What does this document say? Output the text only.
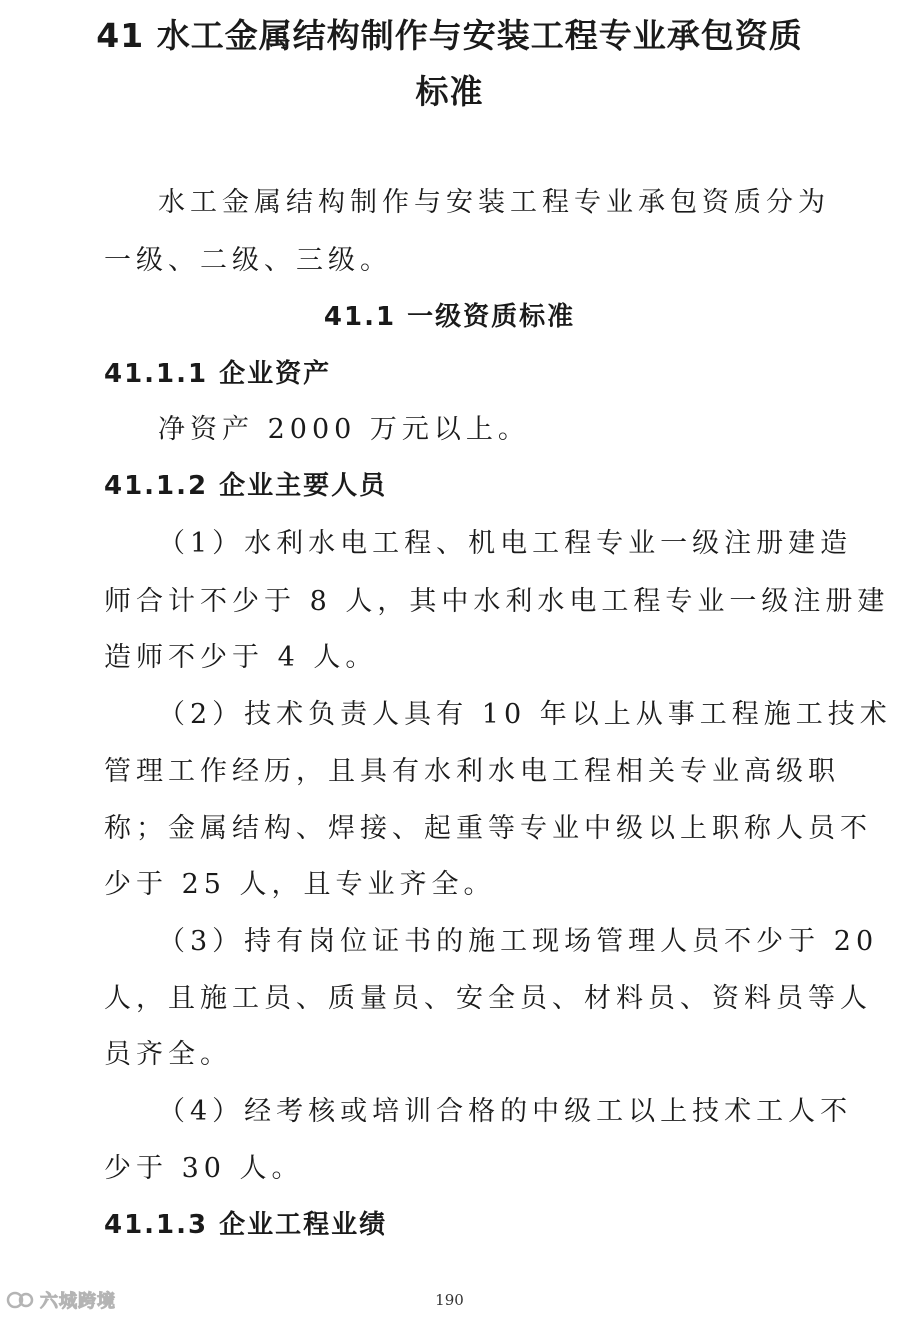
41 水工金属结构制作与安装工程专业承包资质
标准
水工金属结构制作与安装工程专业承包资质分为
一级、二级、三级。
41.1 一级资质标准
41.1.1 企业资产
净资产 2000 万元以上。
41.1.2 企业主要人员
（1）水利水电工程、机电工程专业一级注册建造
师合计不少于 8 人，其中水利水电工程专业一级注册建
造师不少于 4 人。
（2）技术负责人具有 10 年以上从事工程施工技术
管理工作经历，且具有水利水电工程相关专业高级职
称；金属结构、焊接、起重等专业中级以上职称人员不
少于 25 人，且专业齐全。
（3）持有岗位证书的施工现场管理人员不少于 20
人，且施工员、质量员、安全员、材料员、资料员等人
员齐全。
（4）经考核或培训合格的中级工以上技术工人不
少于 30 人。
41.1.3 企业工程业绩
190
六城跨境
